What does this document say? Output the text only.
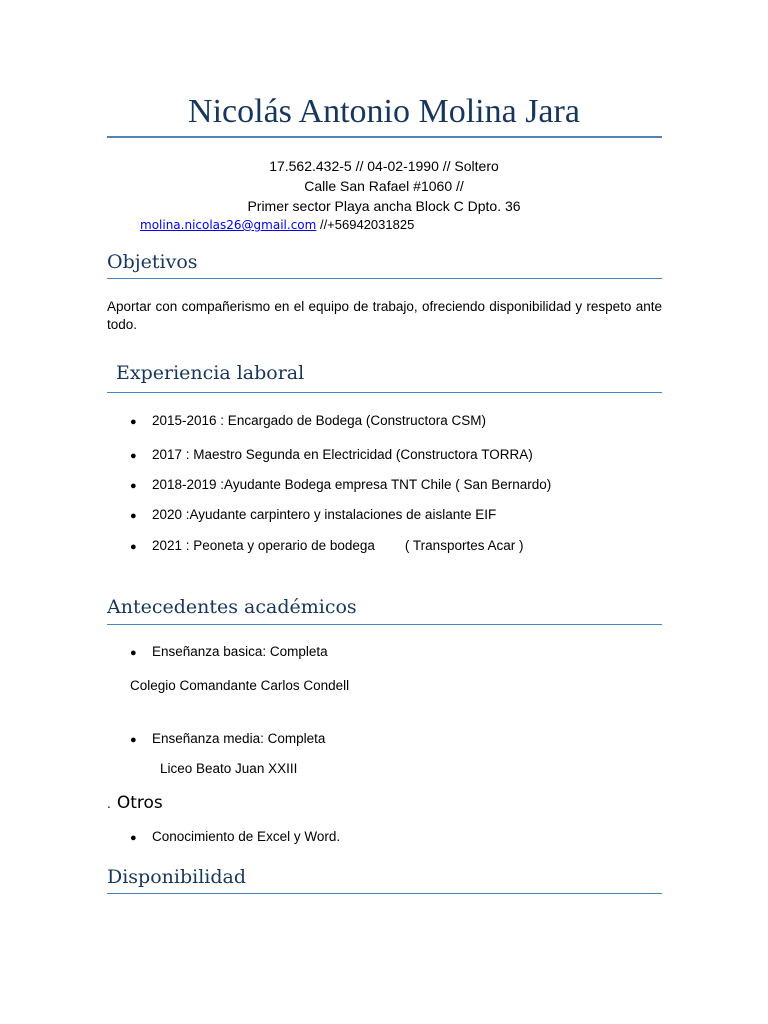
Nicolás Antonio Molina Jara
17.562.432-5 // 04-02-1990 // Soltero
Calle San Rafael #1060 //
Primer sector Playa ancha Block C Dpto. 36
molina.nicolas26@gmail.com //+56942031825
Objetivos
Aportar con compañerismo en el equipo de trabajo, ofreciendo disponibilidad y respeto ante todo.
Experiencia laboral
● 2015-2016 : Encargado de Bodega (Constructora CSM)
● 2017 : Maestro Segunda en Electricidad (Constructora TORRA)
● 2018-2019 :Ayudante Bodega empresa TNT Chile ( San Bernardo)
● 2020 :Ayudante carpintero y instalaciones de aislante EIF
● 2021 : Peoneta y operario de bodega        ( Transportes Acar )
Antecedentes académicos
● Enseñanza basica: Completa
Colegio Comandante Carlos Condell
● Enseñanza media: Completa
Liceo Beato Juan XXIII
. Otros
● Conocimiento de Excel y Word.
Disponibilidad
